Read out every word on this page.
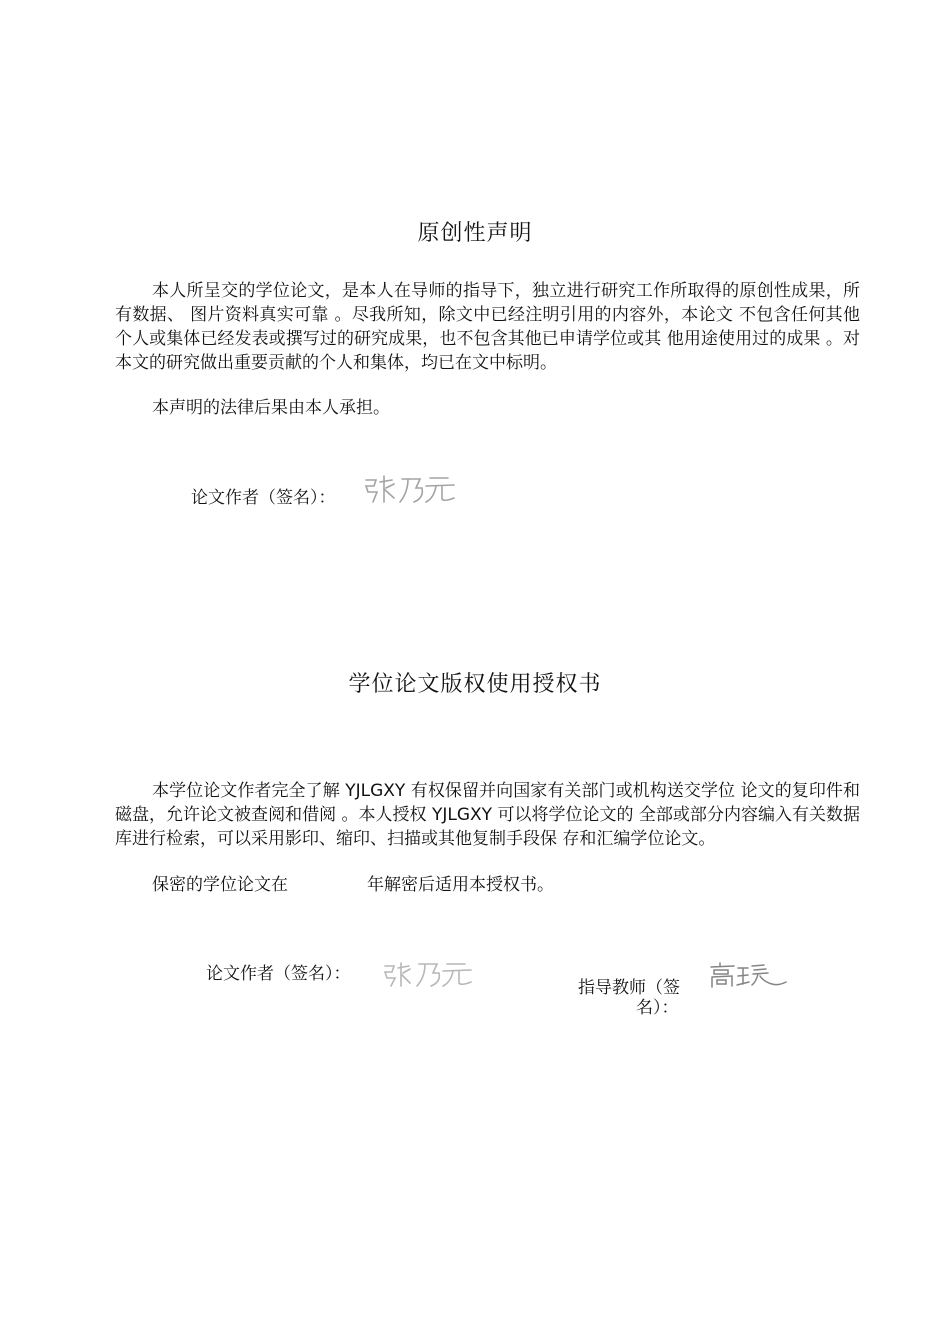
原创性声明

本人所呈交的学位论文，是本人在导师的指导下，独立进行研究工作所取得的原创性成果，所有数据、 图片资料真实可靠 。尽我所知，除文中已经注明引用的内容外，本论文 不包含任何其他个人或集体已经发表或撰写过的研究成果，也不包含其他已申请学位或其 他用途使用过的成果 。对本文的研究做出重要贡献的个人和集体，均已在文中标明。

本声明的法律后果由本人承担。

论文作者（签名）：
学位论文版权使用授权书

本学位论文作者完全了解 YJLGXY 有权保留并向国家有关部门或机构送交学位 论文的复印件和磁盘，允许论文被查阅和借阅 。本人授权 YJLGXY 可以将学位论文的 全部或部分内容编入有关数据库进行检索，可以采用影印、缩印、扫描或其他复制手段保 存和汇编学位论文。

保密的学位论文在	年解密后适用本授权书。
论文作者（签名）：
指导教师（签
名）：
